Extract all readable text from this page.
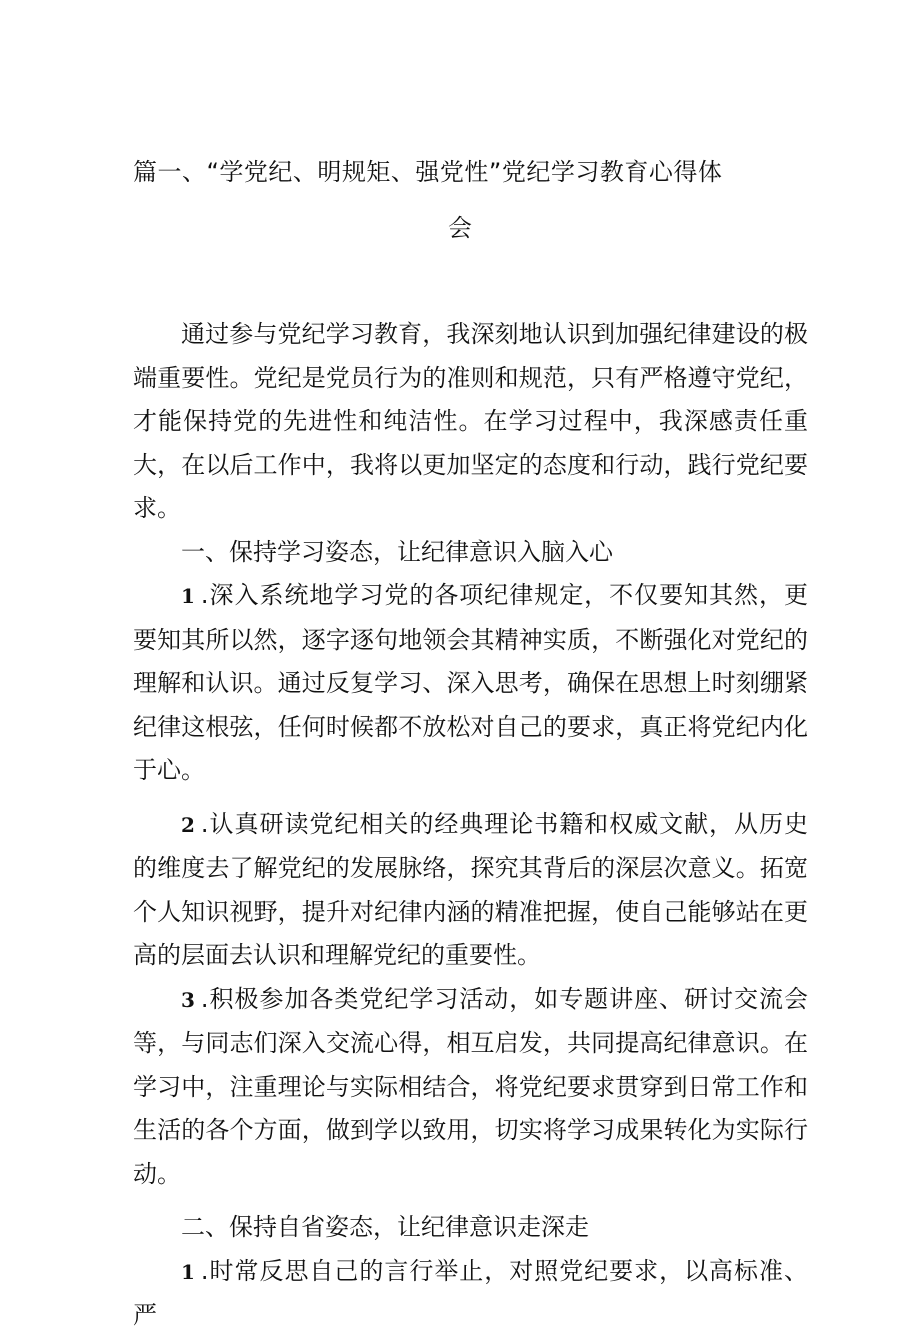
篇一、“学党纪、明规矩、强党性”党纪学习教育心得体
会

通过参与党纪学习教育，我深刻地认识到加强纪律建设的极端重要性。党纪是党员行为的准则和规范，只有严格遵守党纪，才能保持党的先进性和纯洁性。在学习过程中，我深感责任重大，在以后工作中，我将以更加坚定的态度和行动，践行党纪要求。

一、保持学习姿态，让纪律意识入脑入心

1 .深入系统地学习党的各项纪律规定，不仅要知其然，更要知其所以然，逐字逐句地领会其精神实质，不断强化对党纪的理解和认识。通过反复学习、深入思考，确保在思想上时刻绷紧纪律这根弦，任何时候都不放松对自己的要求，真正将党纪内化于心。

2 .认真研读党纪相关的经典理论书籍和权威文献，从历史的维度去了解党纪的发展脉络，探究其背后的深层次意义。拓宽个人知识视野，提升对纪律内涵的精准把握，使自己能够站在更高的层面去认识和理解党纪的重要性。

3 .积极参加各类党纪学习活动，如专题讲座、研讨交流会等，与同志们深入交流心得，相互启发，共同提高纪律意识。在学习中，注重理论与实际相结合，将党纪要求贯穿到日常工作和生活的各个方面，做到学以致用，切实将学习成果转化为实际行动。

二、保持自省姿态，让纪律意识走深走

1 .时常反思自己的言行举止，对照党纪要求，以高标准、严
